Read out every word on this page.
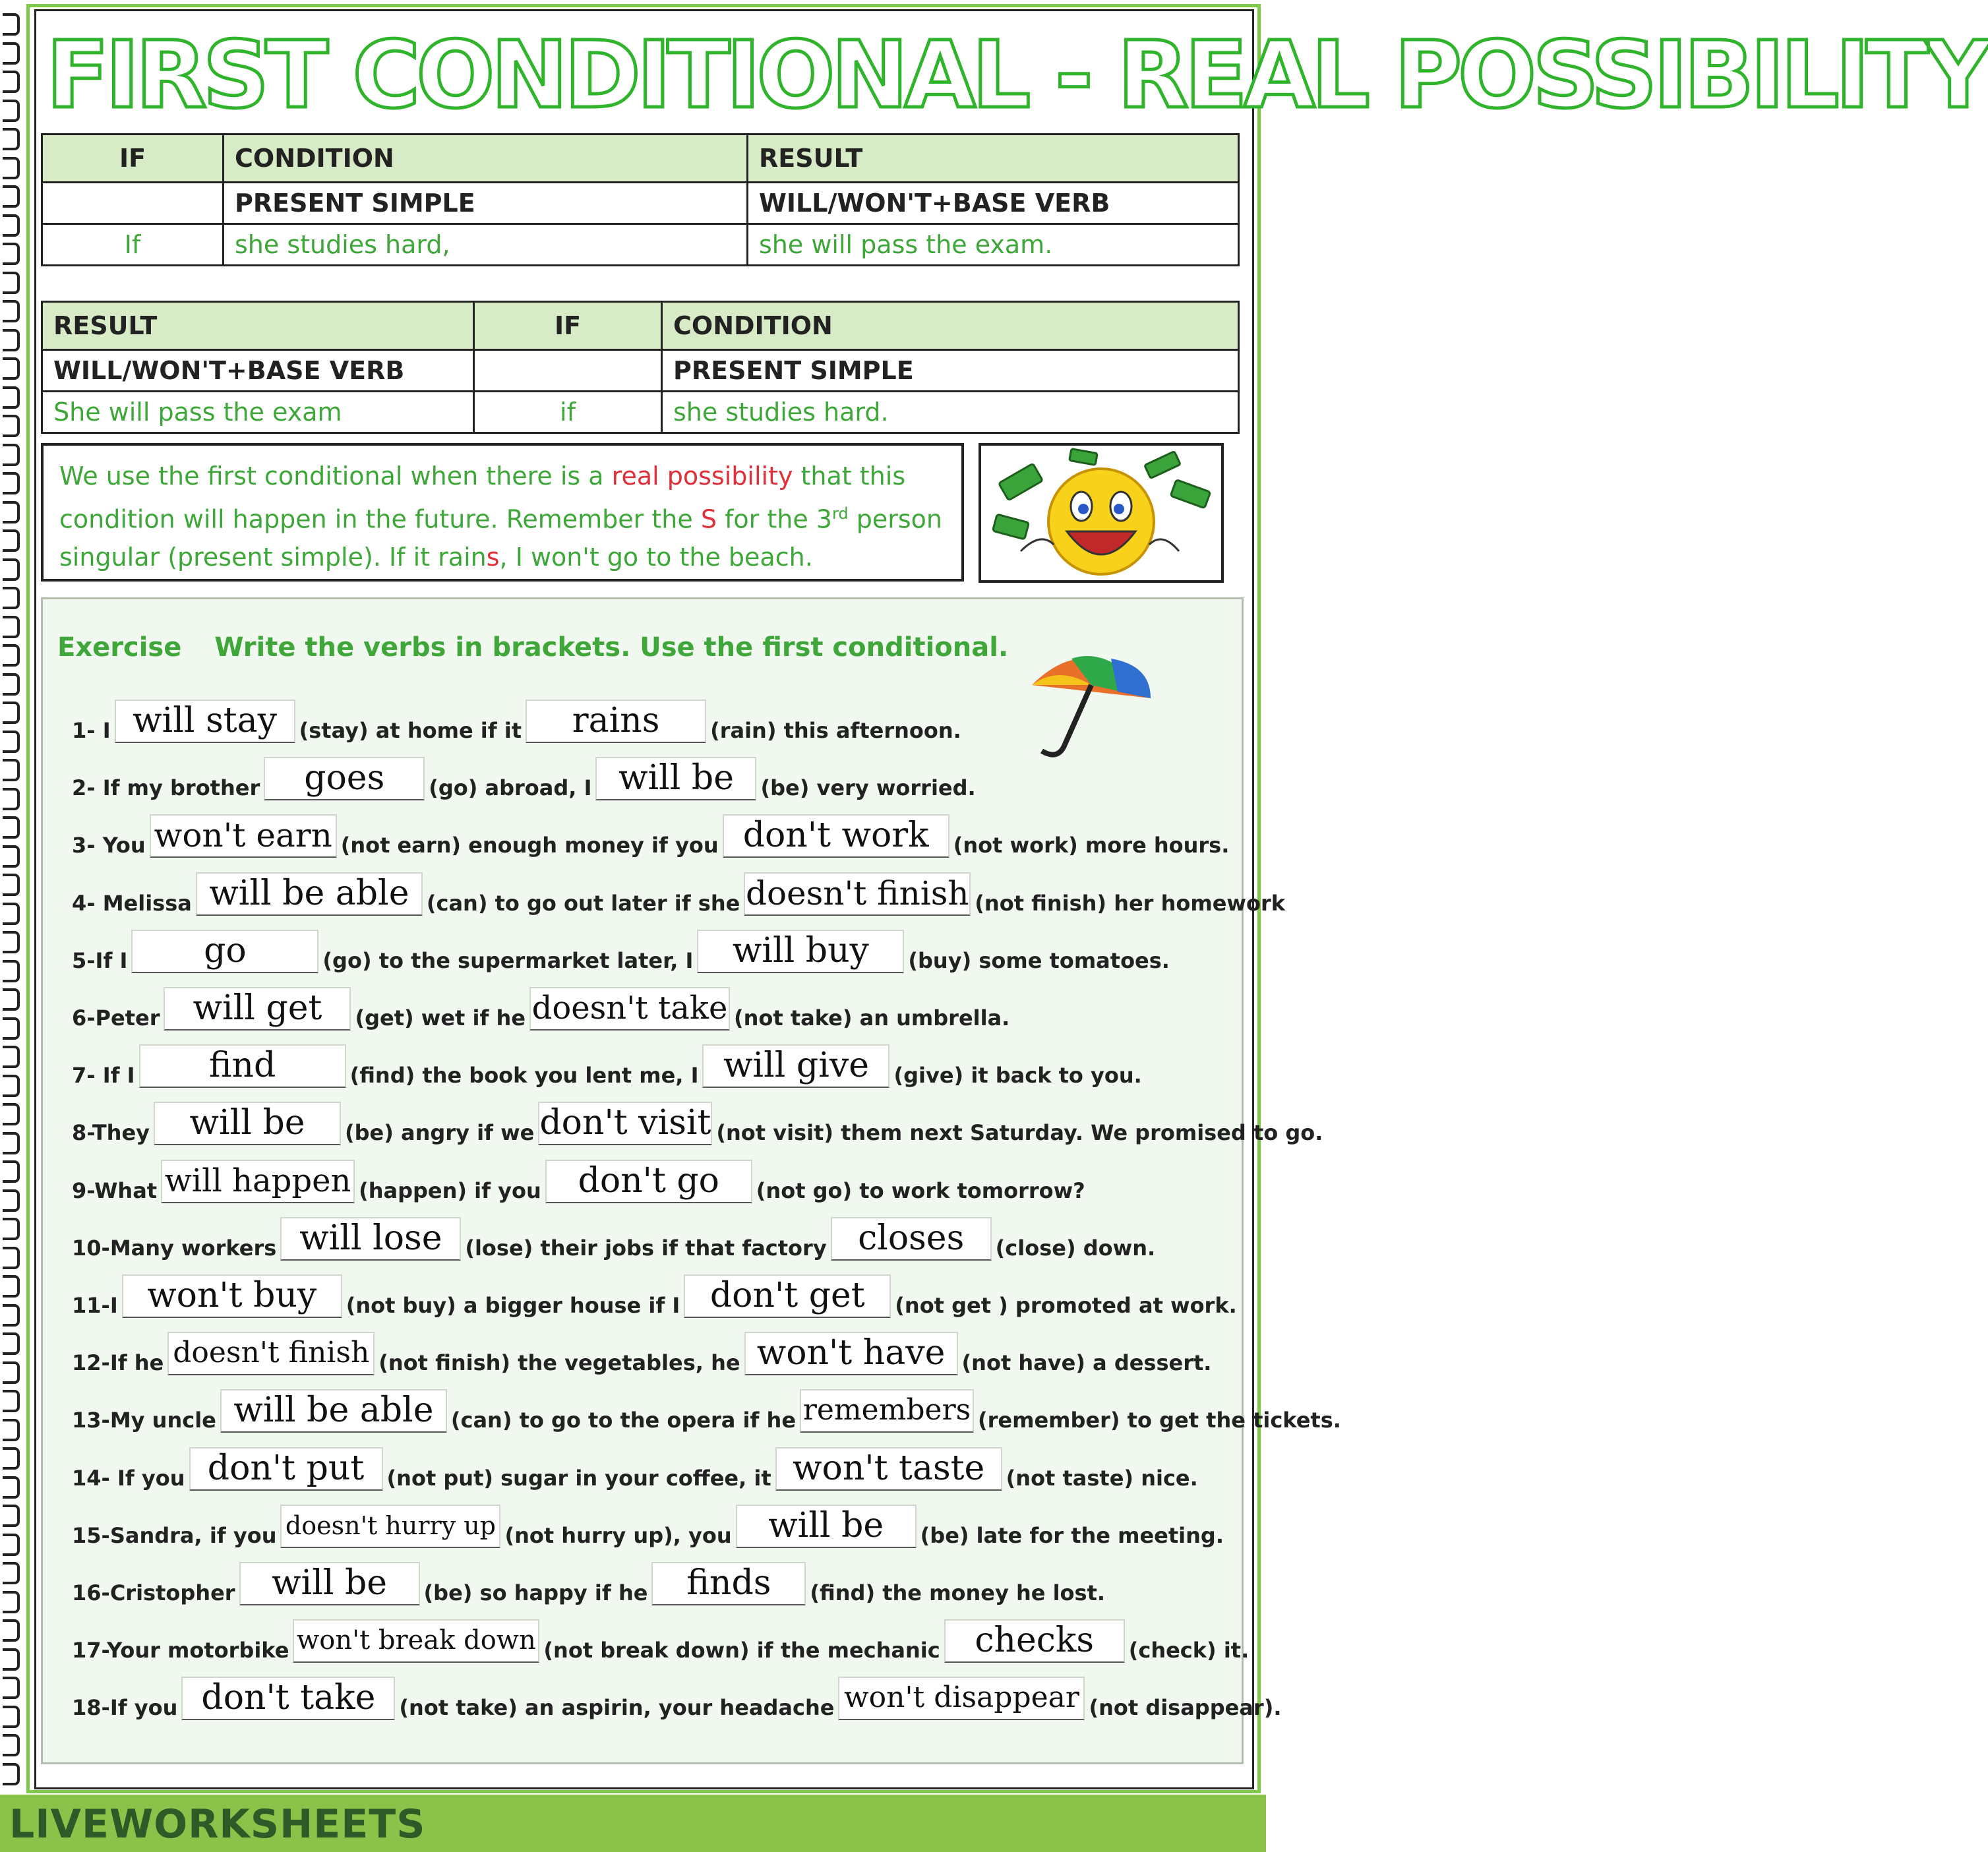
FIRST CONDITIONAL - REAL POSSIBILITY
IF	CONDITION	RESULT
	PRESENT SIMPLE	WILL/WON'T+BASE VERB
If	she studies hard,	she will pass the exam.
RESULT	IF	CONDITION
WILL/WON'T+BASE VERB		PRESENT SIMPLE
She will pass the exam	if	she studies hard.
We use the first conditional when there is a real possibility that this condition will happen in the future. Remember the S for the 3rd person singular (present simple). If it rains, I won't go to the beach.
Exercise Write the verbs in brackets. Use the first conditional.
1- I will stay (stay) at home if it rains (rain) this afternoon.
2- If my brother goes (go) abroad, I will be (be) very worried.
3- You won't earn (not earn) enough money if you don't work (not work) more hours.
4- Melissa will be able (can) to go out later if she doesn't finish (not finish) her homework
5-If I go	(go) to the supermarket later, I will buy (buy) some tomatoes.
6-Peter will get (get) wet if he doesn't take (not take) an umbrella.
7- If I find	(find) the book you lent me, I will give (give) it back to you.
8-They will be (be) angry if we don't visit (not visit) them next Saturday. We promised to go.
9-What will happen (happen) if you don't go (not go) to work tomorrow?
10-Many workers will lose (lose) their jobs if that factory closes (close) down.
11-I won't buy (not buy) a bigger house if I don't get (not get ) promoted at work.
12-If he doesn't finish (not finish) the vegetables, he won't have (not have) a dessert.
13-My uncle will be able (can) to go to the opera if he remembers (remember) to get the tickets.
14- If you don't put (not put) sugar in your coffee, it won't taste (not taste) nice.
15-Sandra, if you doesn't hurry up (not hurry up), you will be (be) late for the meeting.
16-Cristopher will be (be) so happy if he finds (find) the money he lost.
17-Your motorbike won't break down (not break down) if the mechanic checks (check) it.
18-If you don't take (not take) an aspirin, your headache won't disappear (not disappear).
LIVEWORKSHEETS
